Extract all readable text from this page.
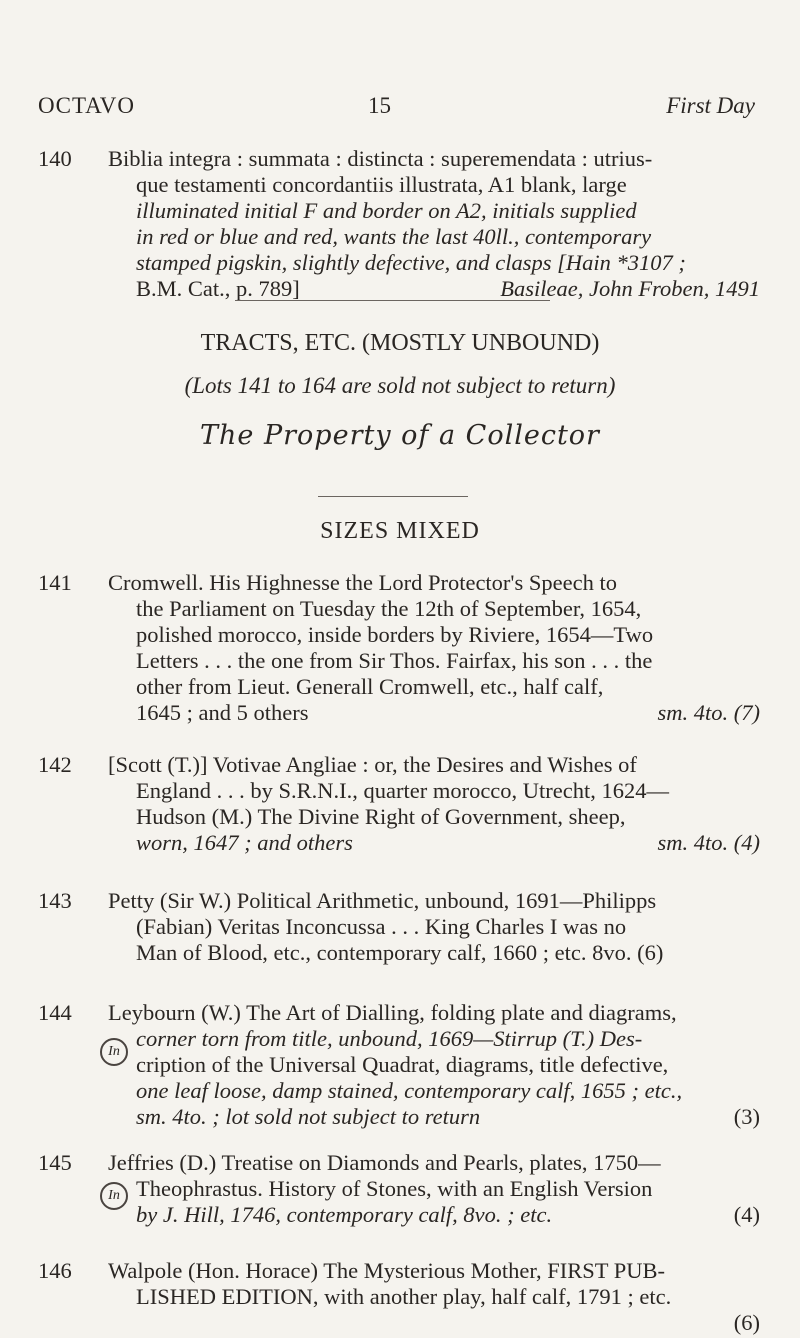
OCTAVO	15	First Day
140	Biblia integra : summata : distincta : superemendata : utrius-
que testamenti concordantiis illustrata, A1 blank, large
illuminated initial F and border on A2, initials supplied
in red or blue and red, wants the last 40ll., contemporary
stamped pigskin, slightly defective, and clasps [Hain *3107 ;
B.M. Cat., p. 789]	Basileae, John Froben, 1491
TRACTS, ETC. (MOSTLY UNBOUND)
(Lots 141 to 164 are sold not subject to return)
The Property of a Collector
SIZES MIXED
141	Cromwell. His Highnesse the Lord Protector's Speech to
the Parliament on Tuesday the 12th of September, 1654,
polished morocco, inside borders by Riviere, 1654—Two
Letters . . . the one from Sir Thos. Fairfax, his son . . . the
other from Lieut. Generall Cromwell, etc., half calf,
1645 ; and 5 others	sm. 4to. (7)
142	[Scott (T.)] Votivae Angliae : or, the Desires and Wishes of
England . . . by S.R.N.I., quarter morocco, Utrecht, 1624—
Hudson (M.) The Divine Right of Government, sheep,
worn, 1647 ; and others	sm. 4to. (4)
143	Petty (Sir W.) Political Arithmetic, unbound, 1691—Philipps
(Fabian) Veritas Inconcussa . . . King Charles I was no
Man of Blood, etc., contemporary calf, 1660 ; etc. 8vo. (6)
In
144	Leybourn (W.) The Art of Dialling, folding plate and diagrams,
corner torn from title, unbound, 1669—Stirrup (T.) Des-
cription of the Universal Quadrat, diagrams, title defective,
one leaf loose, damp stained, contemporary calf, 1655 ; etc.,
sm. 4to. ; lot sold not subject to return	(3)
In
145	Jeffries (D.) Treatise on Diamonds and Pearls, plates, 1750—
Theophrastus. History of Stones, with an English Version
by J. Hill, 1746, contemporary calf, 8vo. ; etc.	(4)
146	Walpole (Hon. Horace) The Mysterious Mother, FIRST PUB-
LISHED EDITION, with another play, half calf, 1791 ; etc.
(6)
